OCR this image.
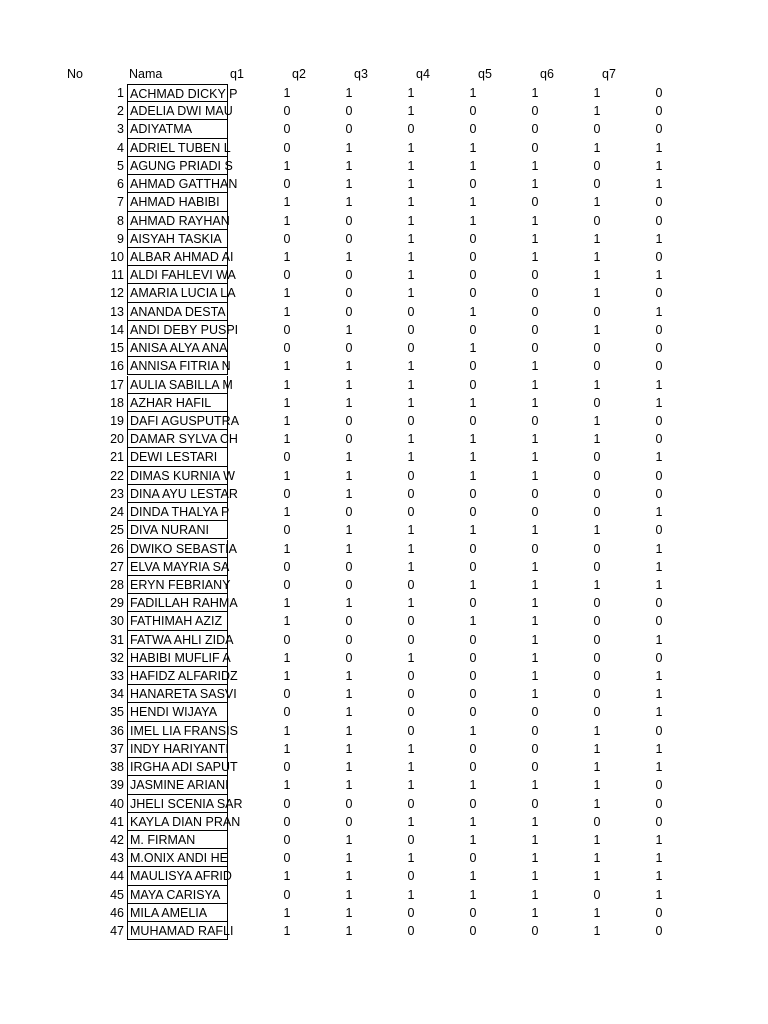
No	Nama	q1	q2	q3	q4	q5	q6	q7
1 ACHMAD DICKY P	1	1	1	1	1	1	0
2 ADELIA DWI MAU	0	0	1	0	0	1	0
3 ADIYATMA	0	0	0	0	0	0	0
4 ADRIEL TUBEN L	0	1	1	1	0	1	1
5 AGUNG PRIADI S	1	1	1	1	1	0	1
6 AHMAD GATTHAN	0	1	1	0	1	0	1
7 AHMAD HABIBI	1	1	1	1	0	1	0
8 AHMAD RAYHAN	1	0	1	1	1	0	0
9 AISYAH TASKIA	0	0	1	0	1	1	1
10 ALBAR AHMAD AI	1	1	1	0	1	1	0
11 ALDI FAHLEVI WA	0	0	1	0	0	1	1
12 AMARIA LUCIA LA	1	0	1	0	0	1	0
13 ANANDA DESTA	1	0	0	1	0	0	1
14 ANDI DEBY PUSPI	0	1	0	0	0	1	0
15 ANISA ALYA ANA	0	0	0	1	0	0	0
16 ANNISA FITRIA N	1	1	1	0	1	0	0
17 AULIA SABILLA M	1	1	1	0	1	1	1
18 AZHAR HAFIL	1	1	1	1	1	0	1
19 DAFI AGUSPUTRA	1	0	0	0	0	1	0
20 DAMAR SYLVA CH	1	0	1	1	1	1	0
21 DEWI LESTARI	0	1	1	1	1	0	1
22 DIMAS KURNIA W	1	1	0	1	1	0	0
23 DINA AYU LESTAR	0	1	0	0	0	0	0
24 DINDA THALYA P	1	0	0	0	0	0	1
25 DIVA NURANI	0	1	1	1	1	1	0
26 DWIKO SEBASTIA	1	1	1	0	0	0	1
27 ELVA MAYRIA SA	0	0	1	0	1	0	1
28 ERYN FEBRIANY	0	0	0	1	1	1	1
29 FADILLAH RAHMA	1	1	1	0	1	0	0
30 FATHIMAH AZIZ	1	0	0	1	1	0	0
31 FATWA AHLI ZIDA	0	0	0	0	1	0	1
32 HABIBI MUFLIF A	1	0	1	0	1	0	0
33 HAFIDZ ALFARIDZ	1	1	0	0	1	0	1
34 HANARETA SASVI	0	1	0	0	1	0	1
35 HENDI WIJAYA	0	1	0	0	0	0	1
36 IMEL LIA FRANSIS	1	1	0	1	0	1	0
37 INDY HARIYANTI	1	1	1	0	0	1	1
38 IRGHA ADI SAPUT	0	1	1	0	0	1	1
39 JASMINE ARIANI	1	1	1	1	1	1	0
40 JHELI SCENIA SAR	0	0	0	0	0	1	0
41 KAYLA DIAN PRAN	0	0	1	1	1	0	0
42 M. FIRMAN	0	1	0	1	1	1	1
43 M.ONIX ANDI HE	0	1	1	0	1	1	1
44 MAULISYA AFRID	1	1	0	1	1	1	1
45 MAYA CARISYA	0	1	1	1	1	0	1
46 MILA AMELIA	1	1	0	0	1	1	0
47 MUHAMAD RAFLI	1	1	0	0	0	1	0
